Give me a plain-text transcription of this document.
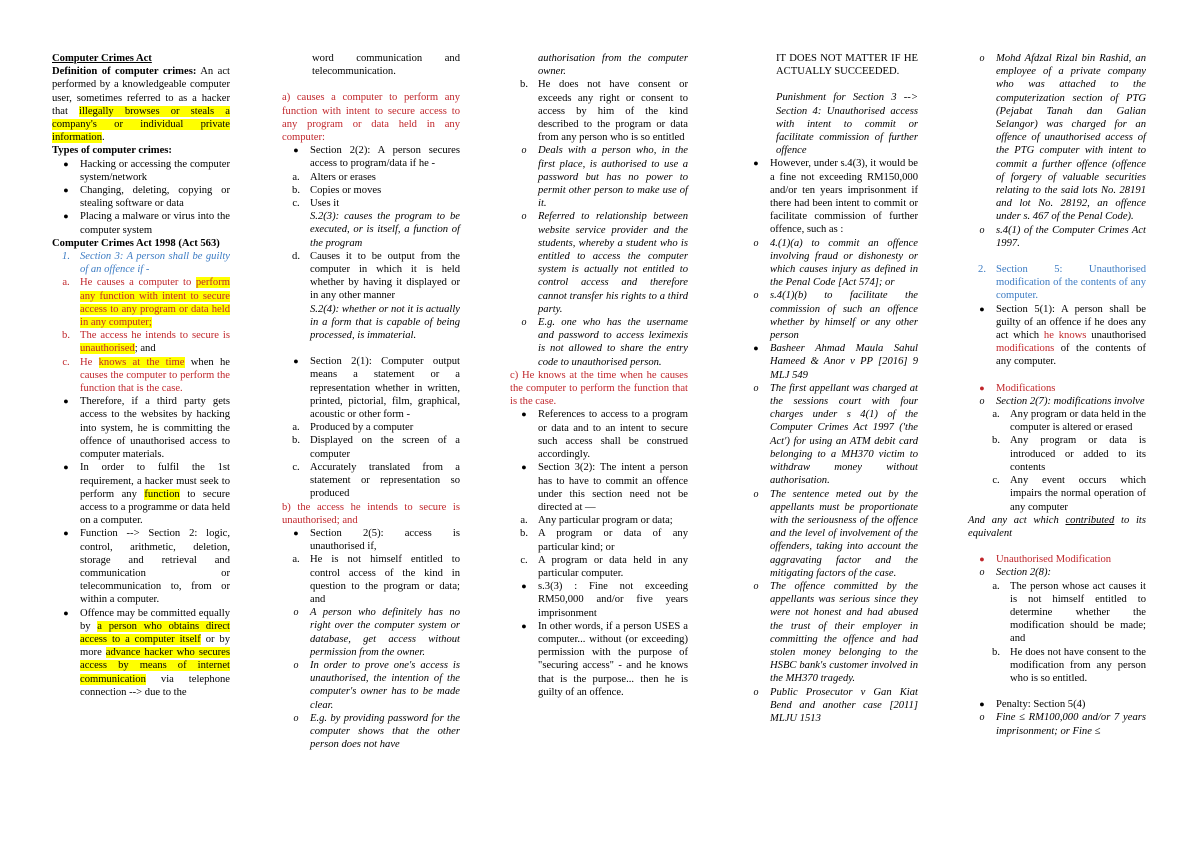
Computer Crimes Act

Definition of computer crimes: An act performed by a knowledgeable computer user, sometimes referred to as a hacker that illegally browses or steals a company's or individual private information.

Types of computer crimes:

●	Hacking or accessing the computer system/network
●	Changing, deleting, copying or stealing software or data
●	Placing a malware or virus into the computer system

Computer Crimes Act 1998 (Act 563)

1. Section 3: A person shall be guilty of an offence if -
a. He causes a computer to perform any function with intent to secure access to any program or data held in any computer;
b. The access he intends to secure is unauthorised; and
c. He knows at the time when he causes the computer to perform the function that is the case.
●	Therefore, if a third party gets access to the websites by hacking into system, he is committing the offence of unauthorised access to computer materials.
●	In order to fulfil the 1st requirement, a hacker must seek to perform any function to secure access to a programme or data held on a computer.
●	Function --> Section 2: logic, control, arithmetic, deletion, storage and retrieval and communication or telecommunication to, from or within a computer.
●	Offence may be committed equally by a person who obtains direct access to a computer itself or by more advance hacker who secures access by means of internet communication via telephone connection --> due to the

word communication and telecommunication.

a) causes a computer to perform any function with intent to secure access to any program or data held in any computer:

●	Section 2(2): A person secures access to program/data if he -
a. Alters or erases
b. Copies or moves
c. Uses it

S.2(3): causes the program to be executed, or is itself, a function of the program

d. Causes it to be output from the computer in which it is held whether by having it displayed or in any other manner

S.2(4): whether or not it is actually in a form that is capable of being processed, is immaterial.

●	Section 2(1): Computer output means a statement or a representation whether in written, printed, pictorial, film, graphical, acoustic or other form -
a. Produced by a computer
b. Displayed on the screen of a computer
c. Accurately translated from a statement or representation so produced

b) the access he intends to secure is unauthorised; and

●	Section 2(5): access is unauthorised if,
a. He is not himself entitled to control access of the kind in question to the program or data; and
o	A person who definitely has no right over the computer system or database, get access without permission from the owner.
o	In order to prove one's access is unauthorised, the intention of the computer's owner has to be made clear.
o	E.g. by providing password for the computer shows that the other person does not have

authorisation from the computer owner.

b. He does not have consent or exceeds any right or consent to access by him of the kind described to the program or data from any person who is so entitled
o	Deals with a person who, in the first place, is authorised to use a password but has no power to permit other person to make use of it.
o	Referred to relationship between website service provider and the students, whereby a student who is entitled to access the computer system is actually not entitled to control access and therefore cannot transfer his rights to a third party.
o	E.g. one who has the username and password to access leximexis is not allowed to share the entry code to unauthorised person.

c) He knows at the time when he causes the computer to perform the function that is the case.

●	References to access to a program or data and to an intent to secure such access shall be construed accordingly.
●	Section 3(2): The intent a person has to have to commit an offence under this section need not be directed at —
a. Any particular program or data;
b. A program or data of any particular kind; or
c. A program or data held in any particular computer.
●	s.3(3) : Fine not exceeding RM50,000 and/or five years imprisonment
●	In other words, if a person USES a computer... without (or exceeding) permission with the purpose of "securing access" - and he knows that is the purpose... then he is guilty of an offence.

IT DOES NOT MATTER IF HE ACTUALLY SUCCEEDED.

Punishment for Section 3 --> Section 4: Unauthorised access with intent to commit or facilitate commission of further offence

●	However, under s.4(3), it would be a fine not exceeding RM150,000 and/or ten years imprisonment if there had been intent to commit or facilitate commission of further offence, such as :
o	4.(1)(a) to commit an offence involving fraud or dishonesty or which causes injury as defined in the Penal Code [Act 574]; or
o	s.4(1)(b) to facilitate the commission of such an offence whether by himself or any other person
●	Basheer Ahmad Maula Sahul Hameed & Anor v PP [2016] 9 MLJ 549
o	The first appellant was charged at the sessions court with four charges under s 4(1) of the Computer Crimes Act 1997 ('the Act') for using an ATM debit card belonging to a MH370 victim to withdraw money without authorisation.
o	The sentence meted out by the appellants must be proportionate with the seriousness of the offence and the level of involvement of the offenders, taking into account the aggravating factor and the mitigating factors of the case.
o	The offence committed by the appellants was serious since they were not honest and had abused the trust of their employer in committing the offence and had stolen money belonging to the HSBC bank's customer involved in the MH370 tragedy.
o	Public Prosecutor v Gan Kiat Bend and another case [2011] MLJU 1513
o	Mohd Afdzal Rizal bin Rashid, an employee of a private company who was attached to the computerization section of PTG (Pejabat Tanah dan Galian Selangor) was charged for an offence of unauthorised access of the PTG computer with intent to commit a further offence (offence of forgery of valuable securities relating to the said lots No. 28191 and lot No. 28192, an offence under s. 467 of the Penal Code).
o	s.4(1) of the Computer Crimes Act 1997.
2. Section 5: Unauthorised modification of the contents of any computer.
●	Section 5(1): A person shall be guilty of an offence if he does any act which he knows unauthorised modifications of the contents of any computer.
●	Modifications
o	Section 2(7): modifications involve
a. Any program or data held in the computer is altered or erased
b. Any program or data is introduced or added to its contents
c. Any event occurs which impairs the normal operation of any computer

And any act which contributed to its equivalent

●	Unauthorised Modification
o	Section 2(8):
a. The person whose act causes it is not himself entitled to determine whether the modification should be made; and
b. He does not have consent to the modification from any person who is so entitled.
●	Penalty: Section 5(4)
o	Fine ≤ RM100,000 and/or 7 years imprisonment; or Fine ≤
